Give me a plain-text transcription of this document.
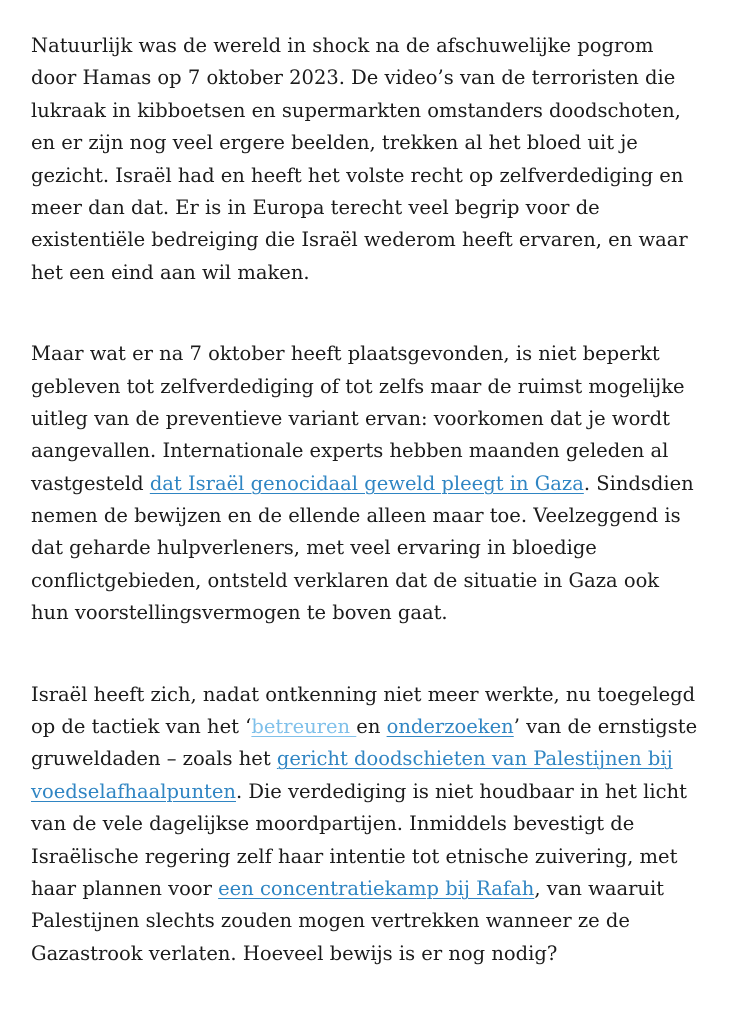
Natuurlijk was de wereld in shock na de afschuwelijke pogrom
door Hamas op 7 oktober 2023. De video’s van de terroristen die
lukraak in kibboetsen en supermarkten omstanders doodschoten,
en er zijn nog veel ergere beelden, trekken al het bloed uit je
gezicht. Israël had en heeft het volste recht op zelfverdediging en
meer dan dat. Er is in Europa terecht veel begrip voor de
existentiële bedreiging die Israël wederom heeft ervaren, en waar
het een eind aan wil maken.

Maar wat er na 7 oktober heeft plaatsgevonden, is niet beperkt
gebleven tot zelfverdediging of tot zelfs maar de ruimst mogelijke
uitleg van de preventieve variant ervan: voorkomen dat je wordt
aangevallen. Internationale experts hebben maanden geleden al
vastgesteld dat Israël genocidaal geweld pleegt in Gaza. Sindsdien
nemen de bewijzen en de ellende alleen maar toe. Veelzeggend is
dat geharde hulpverleners, met veel ervaring in bloedige
conflictgebieden, ontsteld verklaren dat de situatie in Gaza ook
hun voorstellingsvermogen te boven gaat.

Israël heeft zich, nadat ontkenning niet meer werkte, nu toegelegd
op de tactiek van het ‘betreuren en onderzoeken’ van de ernstigste
gruweldaden – zoals het gericht doodschieten van Palestijnen bij
voedselafhaalpunten. Die verdediging is niet houdbaar in het licht
van de vele dagelijkse moordpartijen. Inmiddels bevestigt de
Israëlische regering zelf haar intentie tot etnische zuivering, met
haar plannen voor een concentratiekamp bij Rafah, van waaruit
Palestijnen slechts zouden mogen vertrekken wanneer ze de
Gazastrook verlaten. Hoeveel bewijs is er nog nodig?
